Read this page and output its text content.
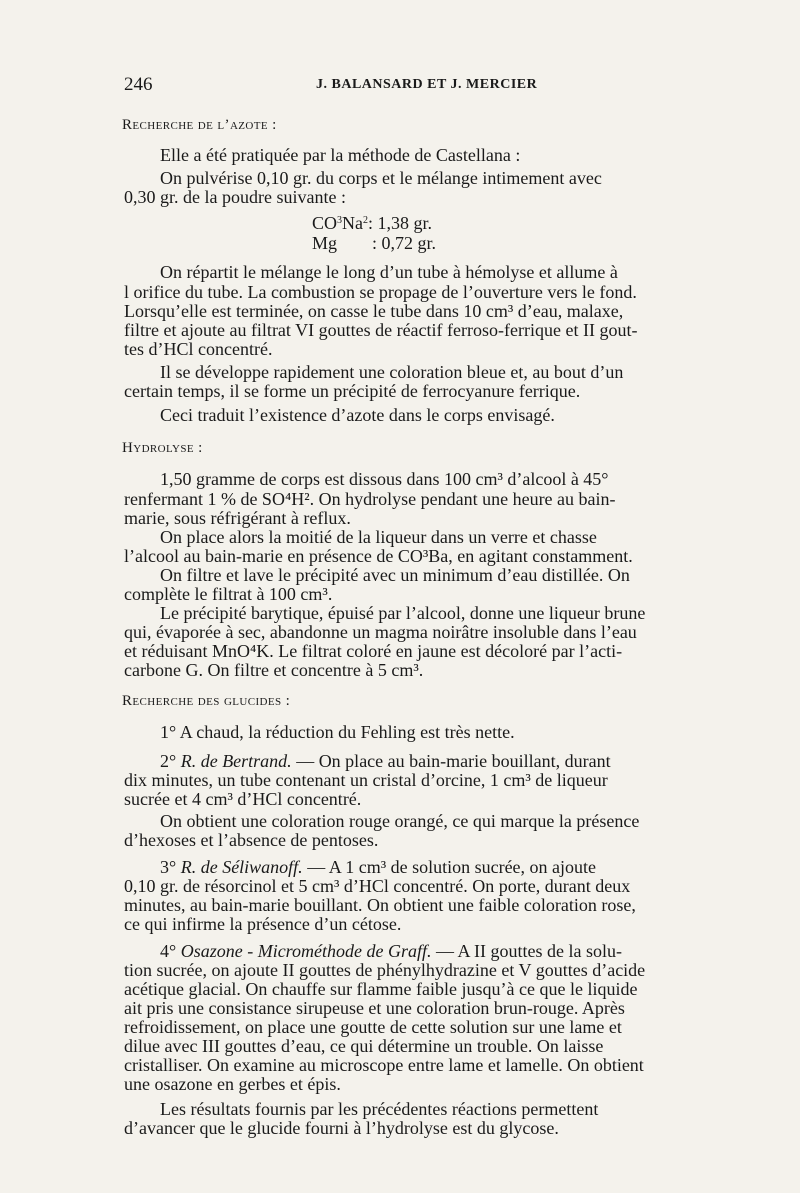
246	J. BALANSARD ET J. MERCIER
Recherche de l’azote :
Elle a été pratiquée par la méthode de Castellana :
On pulvérise 0,10 gr. du corps et le mélange intimement avec
0,30 gr. de la poudre suivante :
$CO^3Na^2$ : 1,38 gr.
Mg : 0,72 gr.
On répartit le mélange le long d’un tube à hémolyse et allume à
l orifice du tube. La combustion se propage de l’ouverture vers le fond.
Lorsqu’elle est terminée, on casse le tube dans 10 cm³ d’eau, malaxe,
filtre et ajoute au filtrat VI gouttes de réactif ferroso-ferrique et II gout-
tes d’HCl concentré.
Il se développe rapidement une coloration bleue et, au bout d’un
certain temps, il se forme un précipité de ferrocyanure ferrique.
Ceci traduit l’existence d’azote dans le corps envisagé.
Hydrolyse :
1,50 gramme de corps est dissous dans 100 cm³ d’alcool à 45°
renfermant 1 % de SO⁴H². On hydrolyse pendant une heure au bain-
marie, sous réfrigérant à reflux.
On place alors la moitié de la liqueur dans un verre et chasse
l’alcool au bain-marie en présence de CO³Ba, en agitant constamment.
On filtre et lave le précipité avec un minimum d’eau distillée. On
complète le filtrat à 100 cm³.
Le précipité barytique, épuisé par l’alcool, donne une liqueur brune
qui, évaporée à sec, abandonne un magma noirâtre insoluble dans l’eau
et réduisant MnO⁴K. Le filtrat coloré en jaune est décoloré par l’acti-
carbone G. On filtre et concentre à 5 cm³.
Recherche des glucides :
1° A chaud, la réduction du Fehling est très nette.
2° R. de Bertrand. — On place au bain-marie bouillant, durant
dix minutes, un tube contenant un cristal d’orcine, 1 cm³ de liqueur
sucrée et 4 cm³ d’HCl concentré.
On obtient une coloration rouge orangé, ce qui marque la présence
d’hexoses et l’absence de pentoses.
3° R. de Séliwanoff. — A 1 cm³ de solution sucrée, on ajoute
0,10 gr. de résorcinol et 5 cm³ d’HCl concentré. On porte, durant deux
minutes, au bain-marie bouillant. On obtient une faible coloration rose,
ce qui infirme la présence d’un cétose.
4° Osazone - Microméthode de Graff. — A II gouttes de la solu-
tion sucrée, on ajoute II gouttes de phénylhydrazine et V gouttes d’acide
acétique glacial. On chauffe sur flamme faible jusqu’à ce que le liquide
ait pris une consistance sirupeuse et une coloration brun-rouge. Après
refroidissement, on place une goutte de cette solution sur une lame et
dilue avec III gouttes d’eau, ce qui détermine un trouble. On laisse
cristalliser. On examine au microscope entre lame et lamelle. On obtient
une osazone en gerbes et épis.
Les résultats fournis par les précédentes réactions permettent
d’avancer que le glucide fourni à l’hydrolyse est du glycose.
